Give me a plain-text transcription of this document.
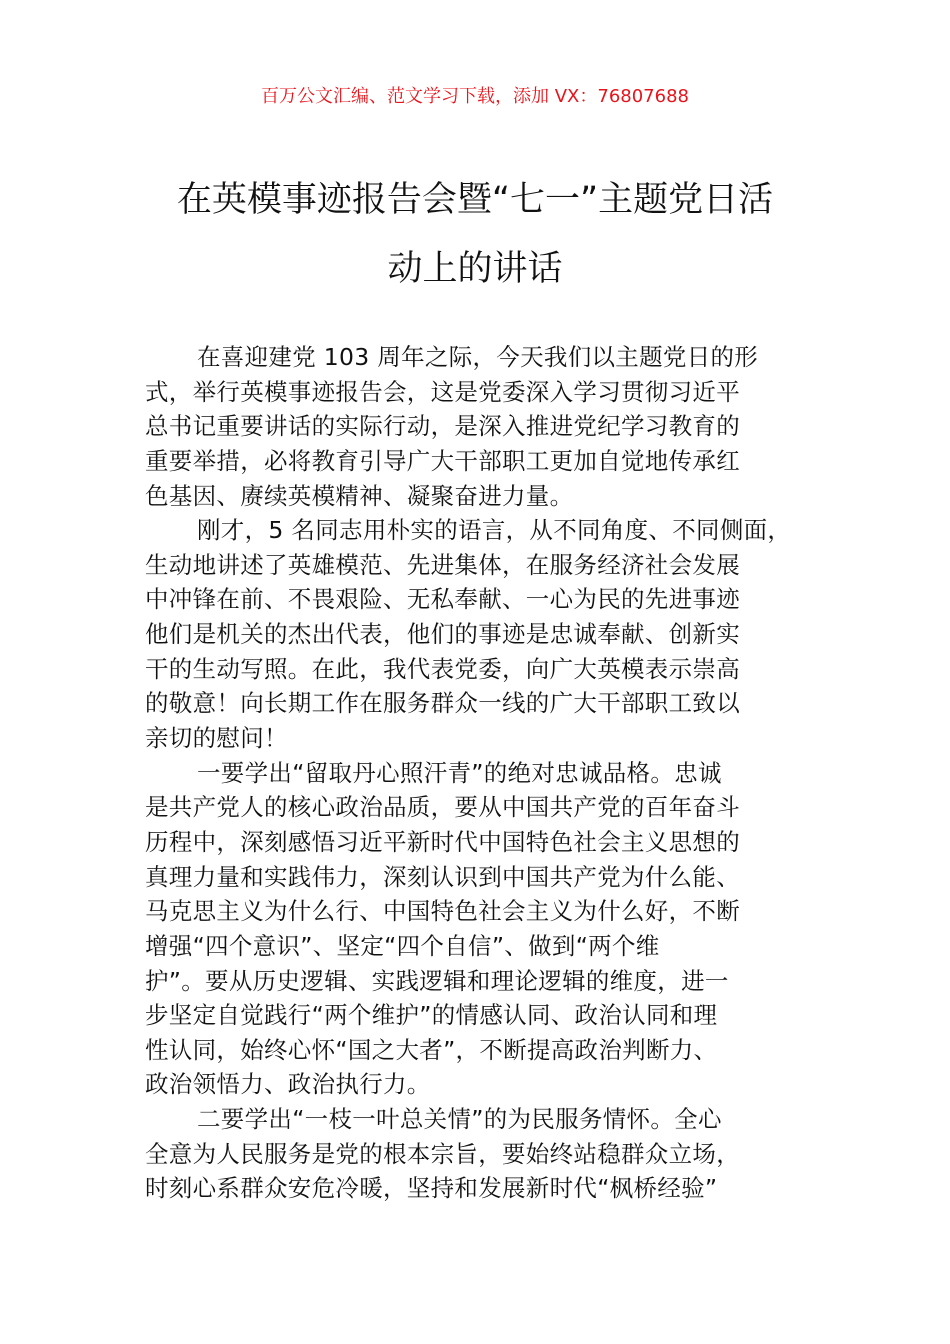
百万公文汇编、范文学习下载，添加 VX：76807688
在英模事迹报告会暨“七一”主题党日活
动上的讲话
在喜迎建党 103 周年之际，今天我们以主题党日的形
式，举行英模事迹报告会，这是党委深入学习贯彻习近平
总书记重要讲话的实际行动，是深入推进党纪学习教育的
重要举措，必将教育引导广大干部职工更加自觉地传承红
色基因、赓续英模精神、凝聚奋进力量。
刚才，5 名同志用朴实的语言，从不同角度、不同侧面，
生动地讲述了英雄模范、先进集体，在服务经济社会发展
中冲锋在前、不畏艰险、无私奉献、一心为民的先进事迹
他们是机关的杰出代表，他们的事迹是忠诚奉献、创新实
干的生动写照。在此，我代表党委，向广大英模表示崇高
的敬意！向长期工作在服务群众一线的广大干部职工致以
亲切的慰问！
一要学出“留取丹心照汗青”的绝对忠诚品格。忠诚
是共产党人的核心政治品质，要从中国共产党的百年奋斗
历程中，深刻感悟习近平新时代中国特色社会主义思想的
真理力量和实践伟力，深刻认识到中国共产党为什么能、
马克思主义为什么行、中国特色社会主义为什么好，不断
增强“四个意识”、坚定“四个自信”、做到“两个维
护”。要从历史逻辑、实践逻辑和理论逻辑的维度，进一
步坚定自觉践行“两个维护”的情感认同、政治认同和理
性认同，始终心怀“国之大者”，不断提高政治判断力、
政治领悟力、政治执行力。
二要学出“一枝一叶总关情”的为民服务情怀。全心
全意为人民服务是党的根本宗旨，要始终站稳群众立场，
时刻心系群众安危冷暖，坚持和发展新时代“枫桥经验”
